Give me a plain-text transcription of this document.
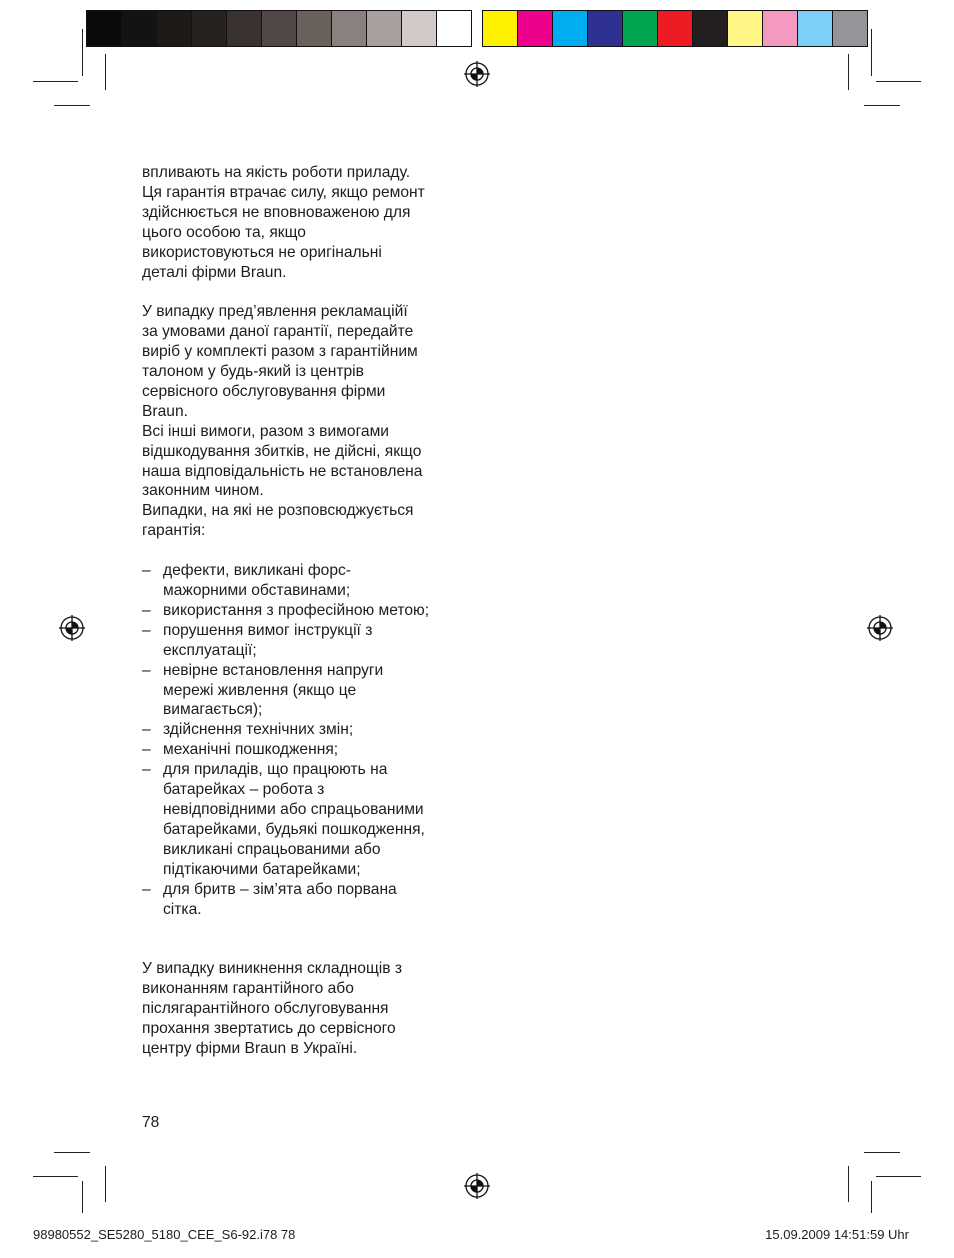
впливають на якість роботи приладу.
Ця гарантія втрачає силу, якщо ремонт
здійснюється не вповноваженою для
цього особою та, якщо
використовуються не оригінальні
деталі фірми Braun.

У випадку пред’явлення рекламаційї
за умовами даної гарантії, передайте
виріб у комплекті разом з гарантійним
талоном у будь-який із центрів
сервісного обслуговування фірми
Braun.

Всі інші вимоги, разом з вимогами
відшкодування збитків, не дійсні, якщо
наша відповідальність не встановлена
законним чином.

Випадки, на які не розповсюджується
гарантія:

– дефекти, викликані форс-
мажорними обставинами;
– використання з професійною метою;
– порушення вимог інструкції з
експлуатації;
– невірне встановлення напруги
мережі живлення (якщо це
вимагається);
– здійснення технічних змін;
– механічні пошкодження;
– для приладів, що працюють на
батарейках – робота з
невідповідними або спрацьованими
батарейками, будьякі пошкодження,
викликані спрацьованими або
підтікаючими батарейками;
– для бритв – зім’ята або порвана
сітка.

У випадку виникнення складнощів з
виконанням гарантійного або
післягарантійного обслуговування
прохання звертатись до сервісного
центру фірми Braun в Україні.

78
98980552_SE5280_5180_CEE_S6-92.i78 78	15.09.2009 14:51:59 Uhr
